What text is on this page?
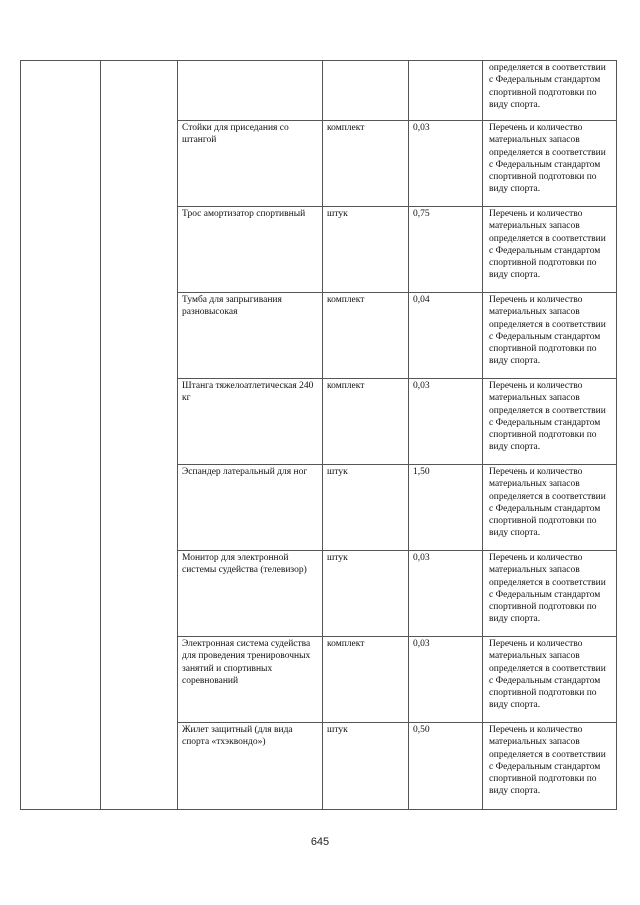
					определяется в соответствии с Федеральным стандартом спортивной подготовки по виду спорта.
		Стойки для приседания со штангой	комплект	0,03	Перечень и количество материальных запасов определяется в соответствии с Федеральным стандартом спортивной подготовки по виду спорта.
		Трос амортизатор спортивный	штук	0,75	Перечень и количество материальных запасов определяется в соответствии с Федеральным стандартом спортивной подготовки по виду спорта.
		Тумба для запрыгивания разновысокая	комплект	0,04	Перечень и количество материальных запасов определяется в соответствии с Федеральным стандартом спортивной подготовки по виду спорта.
		Штанга тяжелоатлетическая 240 кг	комплект	0,03	Перечень и количество материальных запасов определяется в соответствии с Федеральным стандартом спортивной подготовки по виду спорта.
		Эспандер латеральный для ног	штук	1,50	Перечень и количество материальных запасов определяется в соответствии с Федеральным стандартом спортивной подготовки по виду спорта.
		Монитор для электронной системы судейства (телевизор)	штук	0,03	Перечень и количество материальных запасов определяется в соответствии с Федеральным стандартом спортивной подготовки по виду спорта.
		Электронная система судейства для проведения тренировочных занятий и спортивных соревнований	комплект	0,03	Перечень и количество материальных запасов определяется в соответствии с Федеральным стандартом спортивной подготовки по виду спорта.
		Жилет защитный (для вида спорта «тхэквондо»)	штук	0,50	Перечень и количество материальных запасов определяется в соответствии с Федеральным стандартом спортивной подготовки по виду спорта.
645
